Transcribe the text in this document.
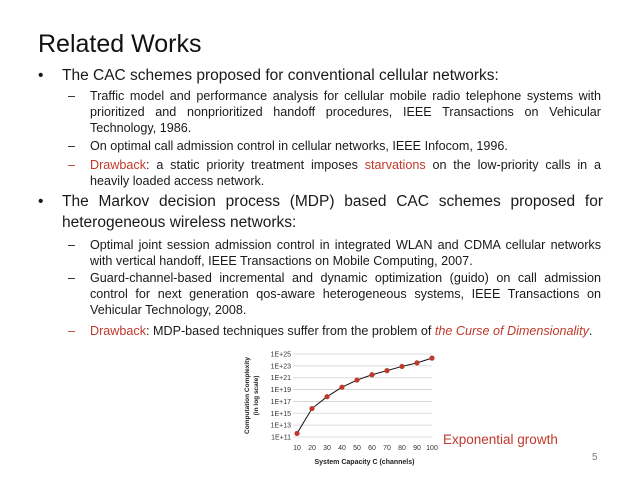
Related Works
• The CAC schemes proposed for conventional cellular networks:
– Traffic model and performance analysis for cellular mobile radio telephone systems with prioritized and nonprioritized handoff procedures, IEEE Transactions on Vehicular Technology, 1986.
– On optimal call admission control in cellular networks, IEEE Infocom, 1996.
– Drawback: a static priority treatment imposes starvations on the low-priority calls in a heavily loaded access network.
• The Markov decision process (MDP) based CAC schemes proposed for heterogeneous wireless networks:
– Optimal joint session admission control in integrated WLAN and CDMA cellular networks with vertical handoff, IEEE Transactions on Mobile Computing, 2007.
– Guard-channel-based incremental and dynamic optimization (guido) on call admission control for next generation qos-aware heterogeneous systems, IEEE Transactions on Vehicular Technology, 2008.
– Drawback: MDP-based techniques suffer from the problem of the Curse of Dimensionality.
1E+11
1E+13
1E+15
1E+17
1E+19
1E+21
1E+23
1E+25
10 20 30 40 50 60 70 80 90 100
System Capacity C (channels)
Computation Complexity (in log scale)
Exponential growth
5
